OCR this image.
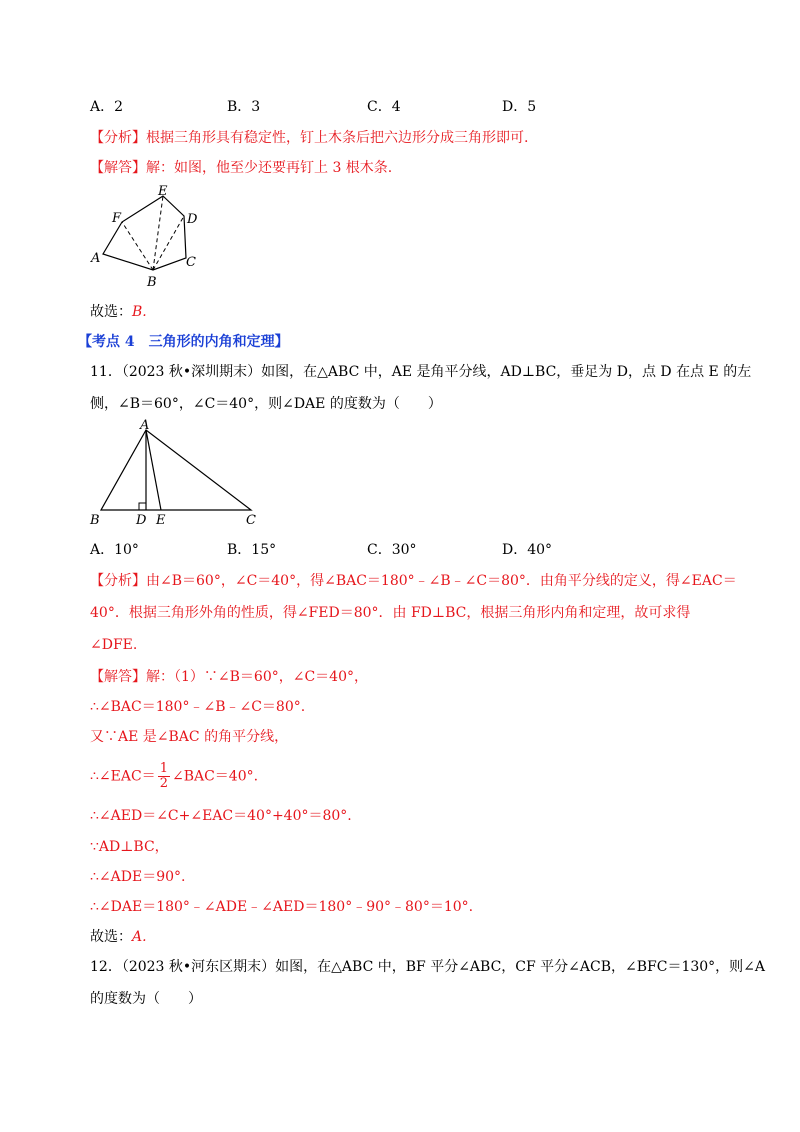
A．2	B．3	C．4	D．5
【分析】根据三角形具有稳定性，钉上木条后把六边形分成三角形即可.
【解答】解：如图，他至少还要再钉上 3 根木条.
E
F	D
A	C
B
故选：B.
【考点 4　三角形的内角和定理】
11．（2023 秋•深圳期末）如图，在△ABC 中，AE 是角平分线，AD⊥BC，垂足为 D，点 D 在点 E 的左
侧，∠B＝60°，∠C＝40°，则∠DAE 的度数为（　　）
A
B	D E	C
A．10°	B．15°	C．30°	D．40°
【分析】由∠B＝60°，∠C＝40°，得∠BAC＝180°﹣∠B﹣∠C＝80°．由角平分线的定义，得∠EAC＝
40°．根据三角形外角的性质，得∠FED＝80°．由 FD⊥BC，根据三角形内角和定理，故可求得
∠DFE.
【解答】解：（1）∵∠B＝60°，∠C＝40°，
∴∠BAC＝180°﹣∠B﹣∠C＝80°.
又∵AE 是∠BAC 的角平分线，
∴∠EAC＝ $\frac{1}{2}$ ∠BAC＝40°.
∴∠AED＝∠C+∠EAC＝40°+40°＝80°.
∵AD⊥BC，
∴∠ADE＝90°.
∴∠DAE＝180°﹣∠ADE﹣∠AED＝180°﹣90°﹣80°＝10°.
故选：A.
12．（2023 秋•河东区期末）如图，在△ABC 中，BF 平分∠ABC，CF 平分∠ACB，∠BFC＝130°，则∠A
的度数为（　　）
